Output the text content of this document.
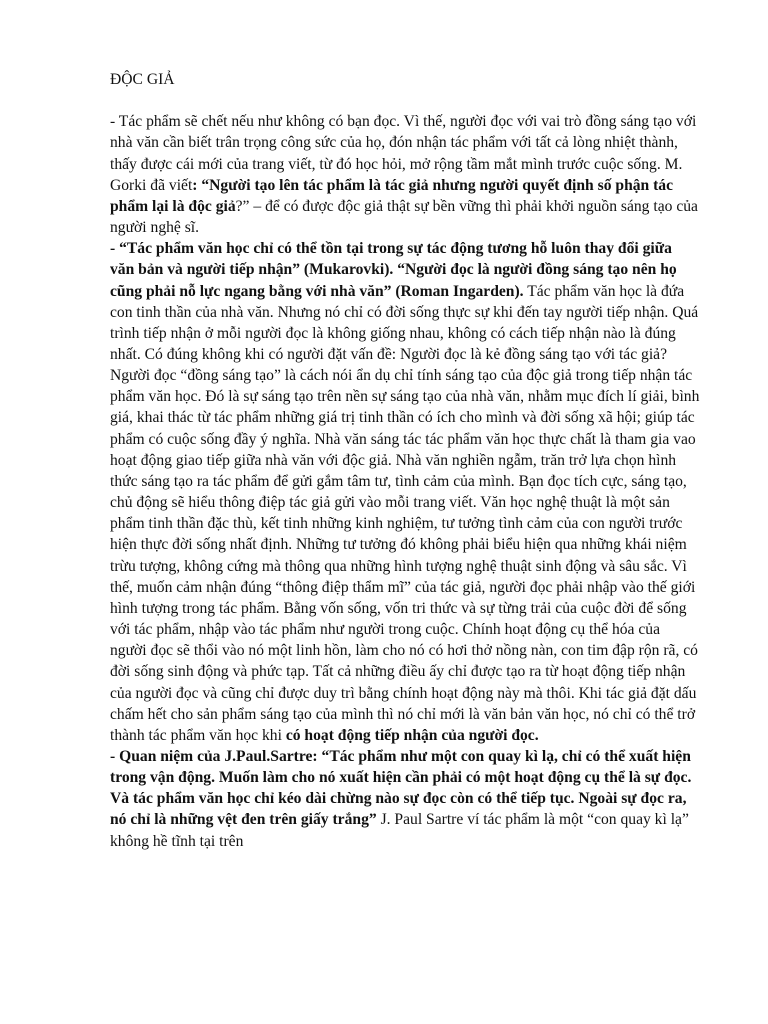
ĐỘC GIẢ

- Tác phẩm sẽ chết nếu như không có bạn đọc. Vì thế, người đọc với vai trò đồng sáng tạo với nhà văn cần biết trân trọng công sức của họ, đón nhận tác phẩm với tất cả lòng nhiệt thành, thấy được cái mới của trang viết, từ đó học hỏi, mở rộng tầm mắt mình trước cuộc sống. M. Gorki đã viết: “Người tạo lên tác phẩm là tác giả nhưng người quyết định số phận tác phẩm lại là độc giả?” – để có được độc giả thật sự bền vững thì phải khởi nguồn sáng tạo của người nghệ sĩ.

- “Tác phẩm văn học chỉ có thể tồn tại trong sự tác động tương hỗ luôn thay đổi giữa văn bản và người tiếp nhận” (Mukarovki). “Người đọc là người đồng sáng tạo nên họ cũng phải nỗ lực ngang bằng với nhà văn” (Roman Ingarden). Tác phẩm văn học là đứa con tinh thần của nhà văn. Nhưng nó chỉ có đời sống thực sự khi đến tay người tiếp nhận. Quá trình tiếp nhận ở mỗi người đọc là không giống nhau, không có cách tiếp nhận nào là đúng nhất. Có đúng không khi có người đặt vấn đề: Người đọc là kẻ đồng sáng tạo với tác giả? Người đọc “đồng sáng tạo” là cách nói ẩn dụ chỉ tính sáng tạo của độc giả trong tiếp nhận tác phẩm văn học. Đó là sự sáng tạo trên nền sự sáng tạo của nhà văn, nhằm mục đích lí giải, bình giá, khai thác từ tác phẩm những giá trị tinh thần có ích cho mình và đời sống xã hội; giúp tác phẩm có cuộc sống đầy ý nghĩa. Nhà văn sáng tác tác phẩm văn học thực chất là tham gia vao hoạt động giao tiếp giữa nhà văn với độc giả. Nhà văn nghiền ngẫm, trăn trở lựa chọn hình thức sáng tạo ra tác phẩm để gửi gắm tâm tư, tình cảm của mình. Bạn đọc tích cực, sáng tạo, chủ động sẽ hiểu thông điệp tác giả gửi vào mỗi trang viết. Văn học nghệ thuật là một sản phẩm tinh thần đặc thù, kết tinh những kinh nghiệm, tư tưởng tình cảm của con người trước hiện thực đời sống nhất định. Những tư tưởng đó không phải biểu hiện qua những khái niệm trừu tượng, không cứng mà thông qua những hình tượng nghệ thuật sinh động và sâu sắc. Vì thế, muốn cảm nhận đúng “thông điệp thẩm mĩ” của tác giả, người đọc phải nhập vào thế giới hình tượng trong tác phẩm. Bằng vốn sống, vốn tri thức và sự từng trải của cuộc đời để sống với tác phẩm, nhập vào tác phẩm như người trong cuộc. Chính hoạt động cụ thể hóa của người đọc sẽ thổi vào nó một linh hồn, làm cho nó có hơi thở nồng nàn, con tim đập rộn rã, có đời sống sinh động và phức tạp. Tất cả những điều ấy chỉ được tạo ra từ hoạt động tiếp nhận của người đọc và cũng chỉ được duy trì bằng chính hoạt động này mà thôi. Khi tác giả đặt dấu chấm hết cho sản phẩm sáng tạo của mình thì nó chỉ mới là văn bản văn học, nó chỉ có thể trở thành tác phẩm văn học khi có hoạt động tiếp nhận của người đọc.

- Quan niệm của J.Paul.Sartre: “Tác phẩm như một con quay kì lạ, chỉ có thể xuất hiện trong vận động. Muốn làm cho nó xuất hiện cần phải có một hoạt động cụ thể là sự đọc. Và tác phẩm văn học chỉ kéo dài chừng nào sự đọc còn có thể tiếp tục. Ngoài sự đọc ra, nó chỉ là những vệt đen trên giấy trắng” J. Paul Sartre ví tác phẩm là một “con quay kì lạ” không hề tĩnh tại trên
